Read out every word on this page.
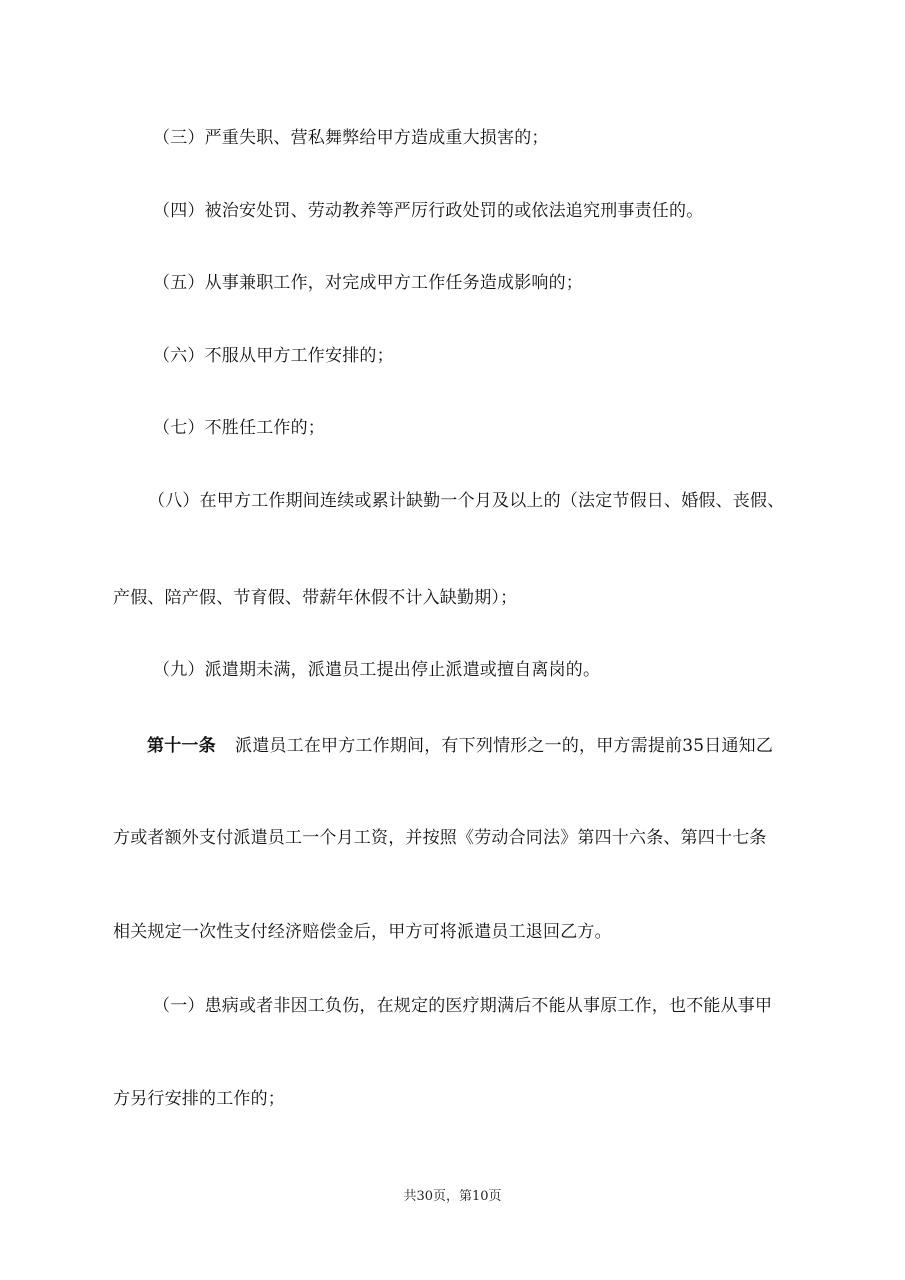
（三）严重失职、营私舞弊给甲方造成重大损害的；
（四）被治安处罚、劳动教养等严厉行政处罚的或依法追究刑事责任的。
（五）从事兼职工作，对完成甲方工作任务造成影响的；
（六）不服从甲方工作安排的；
（七）不胜任工作的；
（八）在甲方工作期间连续或累计缺勤一个月及以上的（法定节假日、婚假、丧假、
产假、陪产假、节育假、带薪年休假不计入缺勤期）；
（九）派遣期未满，派遣员工提出停止派遣或擅自离岗的。
第十一条 派遣员工在甲方工作期间，有下列情形之一的，甲方需提前35日通知乙
方或者额外支付派遣员工一个月工资，并按照《劳动合同法》第四十六条、第四十七条
相关规定一次性支付经济赔偿金后，甲方可将派遣员工退回乙方。
（一）患病或者非因工负伤，在规定的医疗期满后不能从事原工作，也不能从事甲
方另行安排的工作的；
共30页，第10页
